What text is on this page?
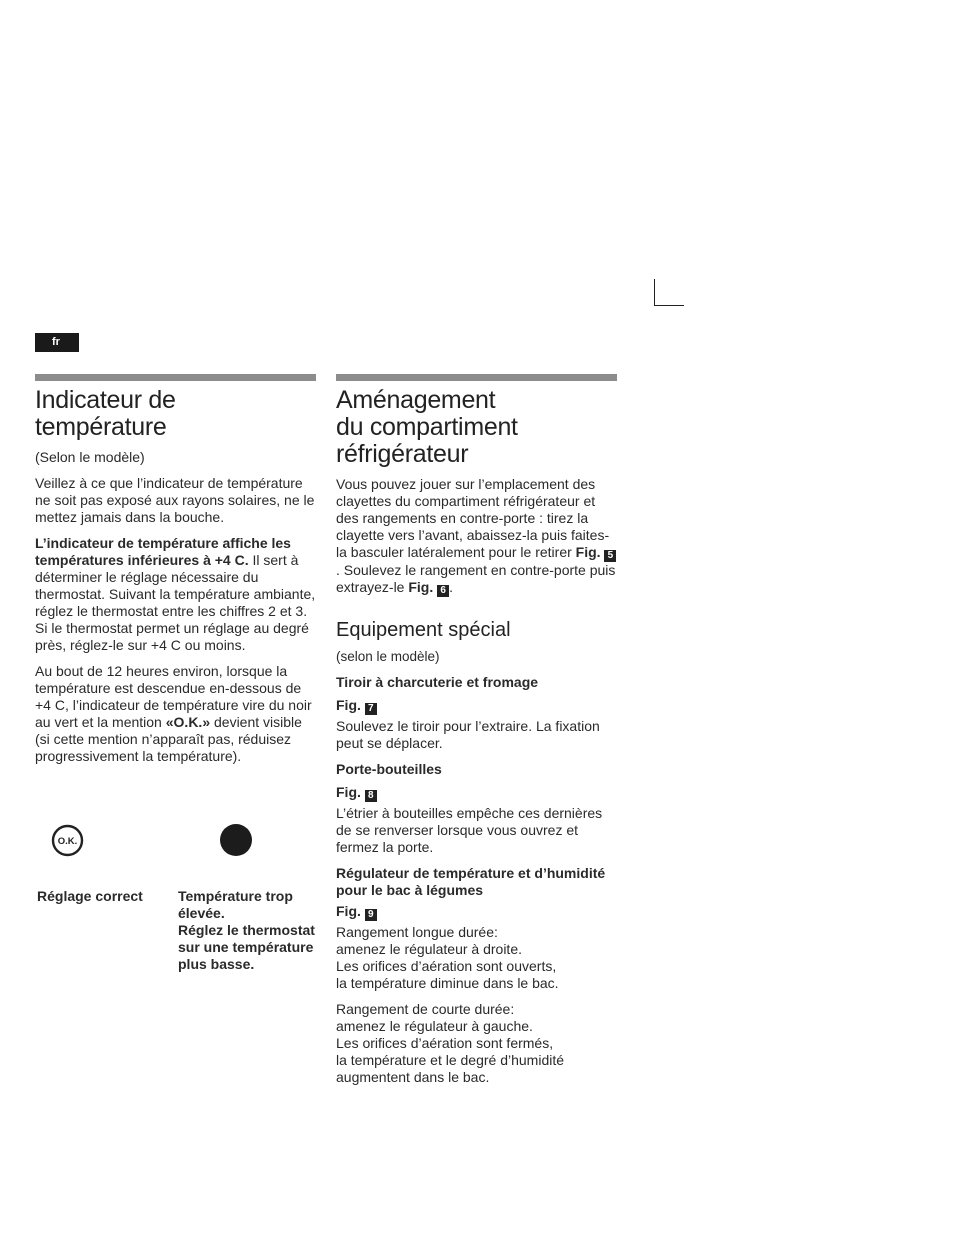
fr
Indicateur de
température

(Selon le modèle)

Veillez à ce que l’indicateur de température ne soit pas exposé aux rayons solaires, ne le mettez jamais dans la bouche.

L’indicateur de température affiche les températures inférieures à +4 C. Il sert à déterminer le réglage nécessaire du thermostat. Suivant la température ambiante, réglez le thermostat entre les chiffres 2 et 3. Si le thermostat permet un réglage au degré près, réglez-le sur +4 C ou moins.

Au bout de 12 heures environ, lorsque la température est descendue en-dessous de +4 C, l’indicateur de température vire du noir au vert et la mention «O.K.» devient visible (si cette mention n’apparaît pas, réduisez progressivement la température).

O.K.
Réglage correct	Température trop élevée.
Réglez le thermostat sur une température plus basse.
Aménagement
du compartiment
réfrigérateur

Vous pouvez jouer sur l’emplacement des clayettes du compartiment réfrigérateur et des rangements en contre-porte : tirez la clayette vers l’avant, abaissez-la puis faites-la basculer latéralement pour le retirer Fig. 5. Soulevez le rangement en contre-porte puis extrayez-le Fig. 6 .

Equipement spécial

(selon le modèle)

Tiroir à charcuterie et fromage

Fig. 7

Soulevez le tiroir pour l’extraire. La fixation peut se déplacer.

Porte-bouteilles

Fig. 8

L’étrier à bouteilles empêche ces dernières de se renverser lorsque vous ouvrez et fermez la porte.

Régulateur de température et d’humidité pour le bac à légumes

Fig. 9

Rangement longue durée:
amenez le régulateur à droite.
Les orifices d’aération sont ouverts,
la température diminue dans le bac.

Rangement de courte durée:
amenez le régulateur à gauche.
Les orifices d’aération sont fermés,
la température et le degré d’humidité
augmentent dans le bac.
